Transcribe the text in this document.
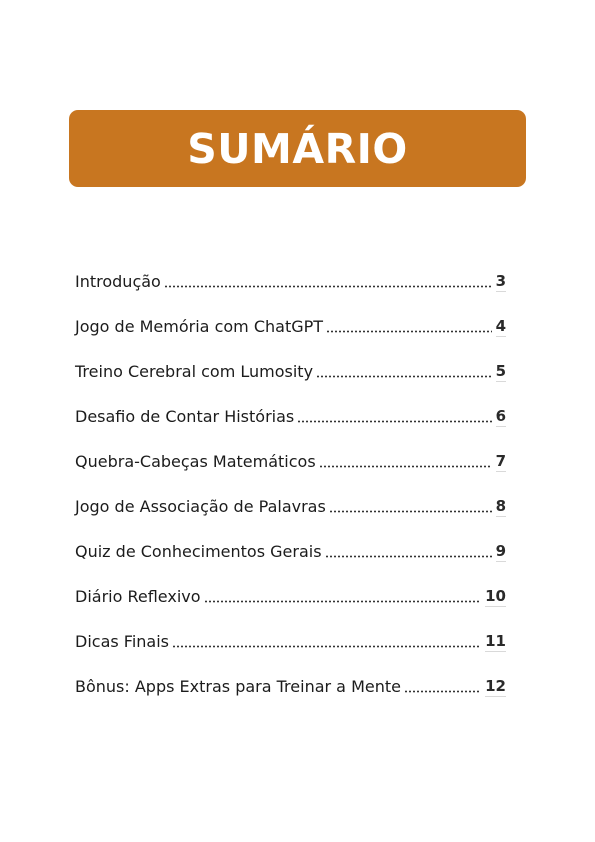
SUMÁRIO
Introdução	3
Jogo de Memória com ChatGPT	4
Treino Cerebral com Lumosity	5
Desafio de Contar Histórias	6
Quebra-Cabeças Matemáticos	7
Jogo de Associação de Palavras	8
Quiz de Conhecimentos Gerais	9
Diário Reflexivo	10
Dicas Finais	11
Bônus: Apps Extras para Treinar a Mente	12
